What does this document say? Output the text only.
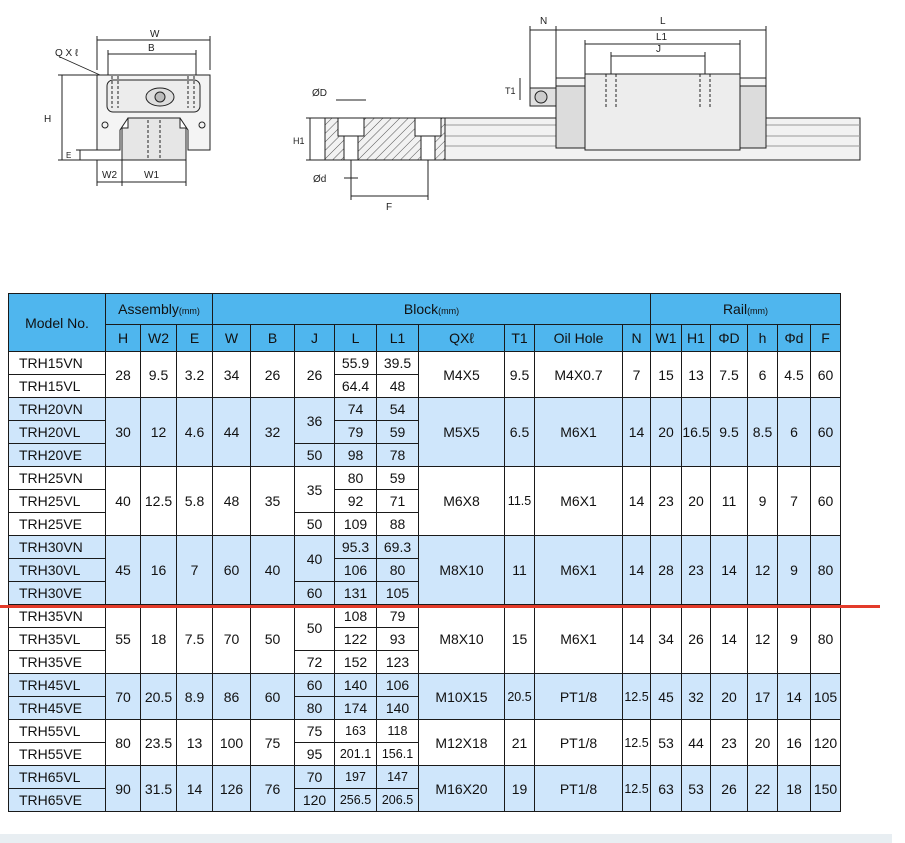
W
B
Q X ℓ
H
E
W2	W1
N	L
L1
J
T1
ØD
H1
Ød
F
Model No.	Assembly(mm)			Block(mm)									Rail(mm)					
	H	W2	E	W	B	J	L	L1	QXℓ	T1	Oil Hole	N	W1	H1	ΦD	h	Φd	F
TRH15VN	28	9.5	3.2	34	26	26	55.9	39.5	M4X5	9.5	M4X0.7	7	15	13	7.5	6	4.5	60
TRH15VL							64.4	48										
TRH20VN	30	12	4.6	44	32	36	74	54	M5X5	6.5	M6X1	14	20	16.5	9.5	8.5	6	60
TRH20VL							79	59										
TRH20VE						50	98	78										
TRH25VN	40	12.5	5.8	48	35	35	80	59	M6X8	11.5	M6X1	14	23	20	11	9	7	60
TRH25VL							92	71										
TRH25VE						50	109	88										
TRH30VN	45	16	7	60	40	40	95.3	69.3	M8X10	11	M6X1	14	28	23	14	12	9	80
TRH30VL							106	80										
TRH30VE						60	131	105										
TRH35VN	55	18	7.5	70	50	50	108	79	M8X10	15	M6X1	14	34	26	14	12	9	80
TRH35VL							122	93										
TRH35VE						72	152	123										
TRH45VL	70	20.5	8.9	86	60	60	140	106	M10X15	20.5	PT1/8	12.5	45	32	20	17	14	105
TRH45VE						80	174	140										
TRH55VL	80	23.5	13	100	75	75	163	118	M12X18	21	PT1/8	12.5	53	44	23	20	16	120
TRH55VE						95	201.1	156.1										
TRH65VL	90	31.5	14	126	76	70	197	147	M16X20	19	PT1/8	12.5	63	53	26	22	18	150
TRH65VE						120	256.5	206.5										
